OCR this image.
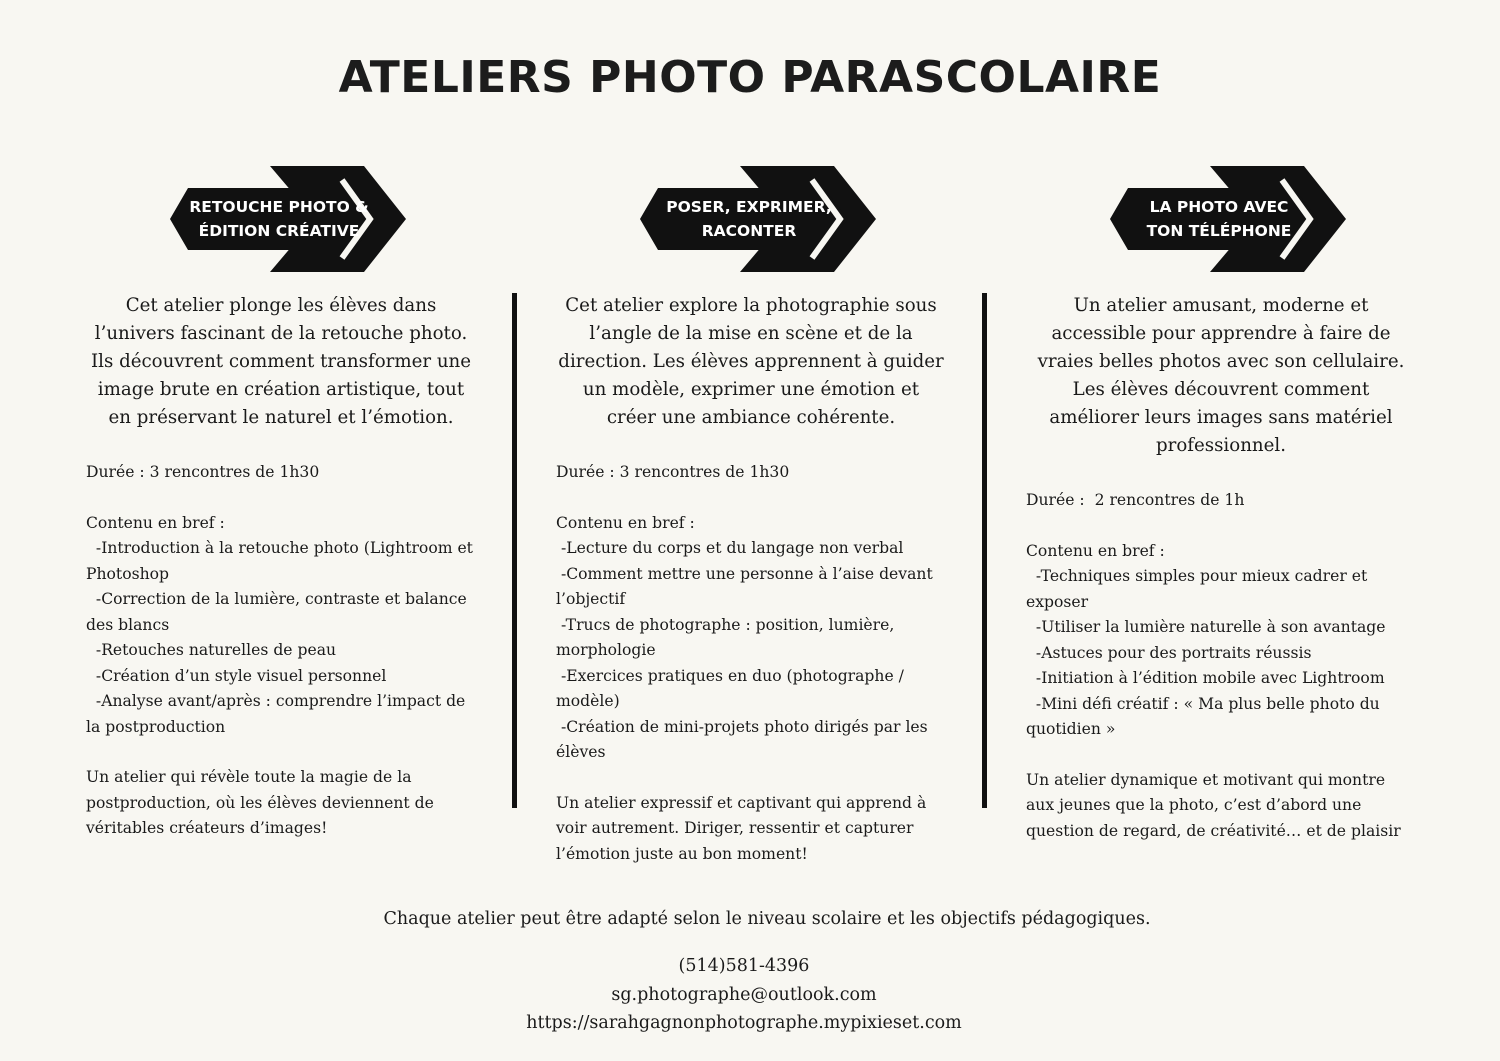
ATELIERS PHOTO PARASCOLAIRE
RETOUCHE PHOTO &
ÉDITION CRÉATIVE
Cet atelier plonge les élèves dans l’univers fascinant de la retouche photo. Ils découvrent comment transformer une image brute en création artistique, tout en préservant le naturel et l’émotion.
Durée : 3 rencontres de 1h30
Contenu en bref :
-Introduction à la retouche photo (Lightroom et Photoshop
-Correction de la lumière, contraste et balance des blancs
-Retouches naturelles de peau
-Création d’un style visuel personnel
-Analyse avant/après : comprendre l’impact de la postproduction
Un atelier qui révèle toute la magie de la postproduction, où les élèves deviennent de véritables créateurs d’images!
POSER, EXPRIMER,
RACONTER
Cet atelier explore la photographie sous l’angle de la mise en scène et de la direction. Les élèves apprennent à guider un modèle, exprimer une émotion et créer une ambiance cohérente.
Durée : 3 rencontres de 1h30
Contenu en bref :
-Lecture du corps et du langage non verbal
-Comment mettre une personne à l’aise devant l’objectif
-Trucs de photographe : position, lumière, morphologie
-Exercices pratiques en duo (photographe / modèle)
-Création de mini-projets photo dirigés par les élèves
Un atelier expressif et captivant qui apprend à voir autrement. Diriger, ressentir et capturer l’émotion juste au bon moment!
LA PHOTO AVEC
TON TÉLÉPHONE
Un atelier amusant, moderne et accessible pour apprendre à faire de vraies belles photos avec son cellulaire. Les élèves découvrent comment améliorer leurs images sans matériel professionnel.
Durée :  2 rencontres de 1h
Contenu en bref :
-Techniques simples pour mieux cadrer et exposer
-Utiliser la lumière naturelle à son avantage
-Astuces pour des portraits réussis
-Initiation à l’édition mobile avec Lightroom
-Mini défi créatif : « Ma plus belle photo du quotidien »
Un atelier dynamique et motivant qui montre aux jeunes que la photo, c’est d’abord une question de regard, de créativité… et de plaisir
Chaque atelier peut être adapté selon le niveau scolaire et les objectifs pédagogiques.
(514)581-4396
sg.photographe@outlook.com
https://sarahgagnonphotographe.mypixieset.com
